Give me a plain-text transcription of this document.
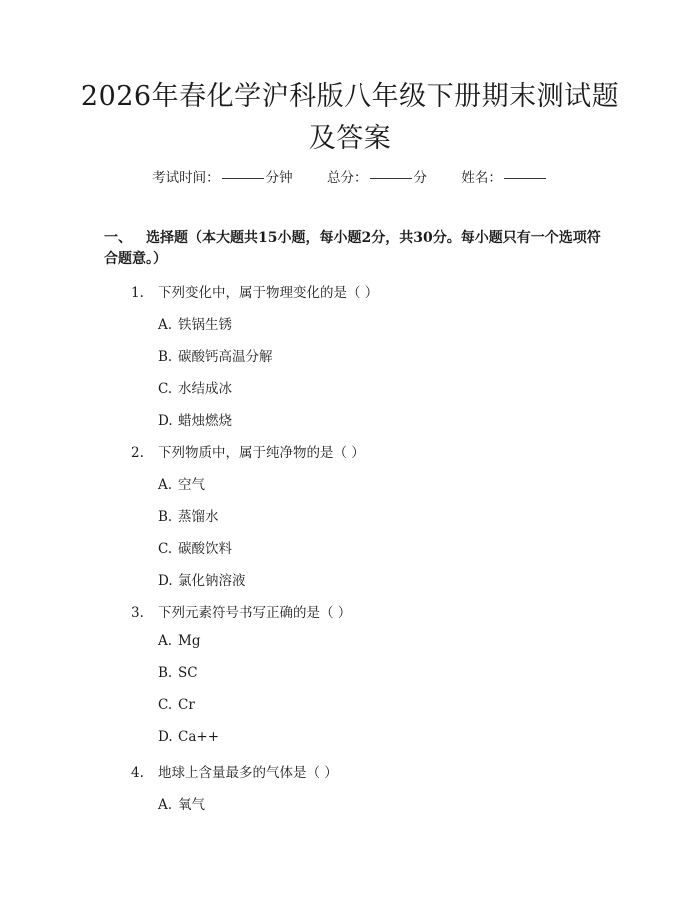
2026年春化学沪科版八年级下册期末测试题
及答案
考试时间：	分钟	总分：	分	姓名：
一、 选择题（本大题共15小题，每小题2分，共30分。每小题只有一个选项符合题意。）
1. 下列变化中，属于物理变化的是（ ）
A. 铁锅生锈
B. 碳酸钙高温分解
C. 水结成冰
D. 蜡烛燃烧
2. 下列物质中，属于纯净物的是（ ）
A. 空气
B. 蒸馏水
C. 碳酸饮料
D. 氯化钠溶液
3. 下列元素符号书写正确的是（ ）
A. Mg
B. SC
C. Cr
D. Ca++
4. 地球上含量最多的气体是（ ）
A. 氧气
